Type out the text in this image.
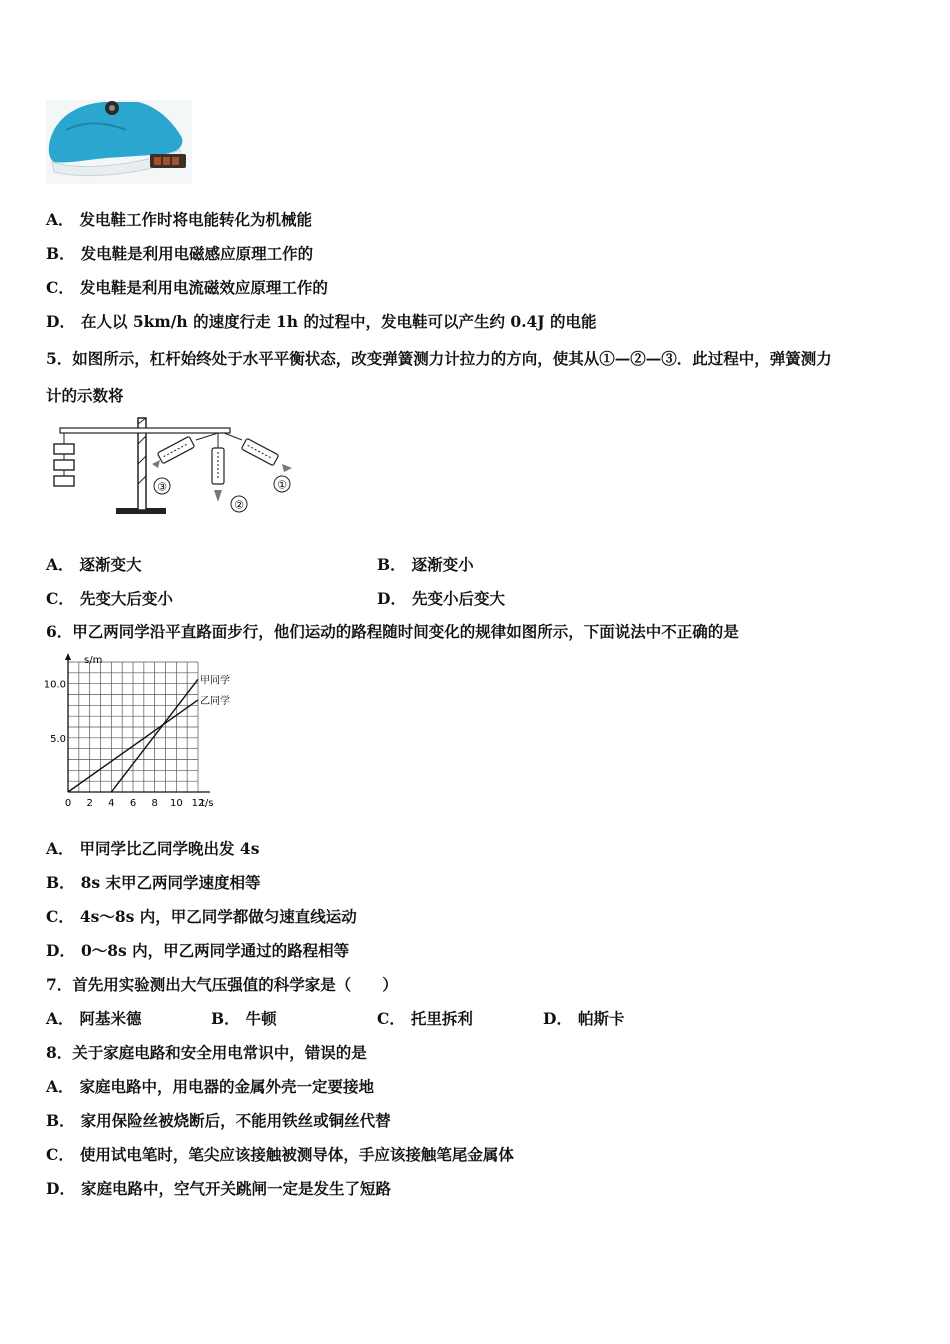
A． 发电鞋工作时将电能转化为机械能
B． 发电鞋是利用电磁感应原理工作的
C． 发电鞋是利用电流磁效应原理工作的
D． 在人以 5km/h 的速度行走 1h 的过程中，发电鞋可以产生约 0.4J 的电能
5．如图所示，杠杆始终处于水平平衡状态，改变弹簧测力计拉力的方向，使其从①—②—③．此过程中，弹簧测力
计的示数将
③
②
①
A． 逐渐变大	B． 逐渐变小
C． 先变大后变小	D． 先变小后变大
6．甲乙两同学沿平直路面步行，他们运动的路程随时间变化的规律如图所示，下面说法中不正确的是
s/m
t/s
0 2 4 6 8 10 12
5.0
10.0	甲同学
乙同学
A． 甲同学比乙同学晚出发 4s
B． 8s 末甲乙两同学速度相等
C． 4s～8s 内，甲乙同学都做匀速直线运动
D． 0～8s 内，甲乙两同学通过的路程相等
7．首先用实验测出大气压强值的科学家是（　　）
A． 阿基米德	B． 牛顿	C． 托里拆利	D． 帕斯卡
8．关于家庭电路和安全用电常识中，错误的是
A． 家庭电路中，用电器的金属外壳一定要接地
B． 家用保险丝被烧断后，不能用铁丝或铜丝代替
C． 使用试电笔时，笔尖应该接触被测导体，手应该接触笔尾金属体
D． 家庭电路中，空气开关跳闸一定是发生了短路
